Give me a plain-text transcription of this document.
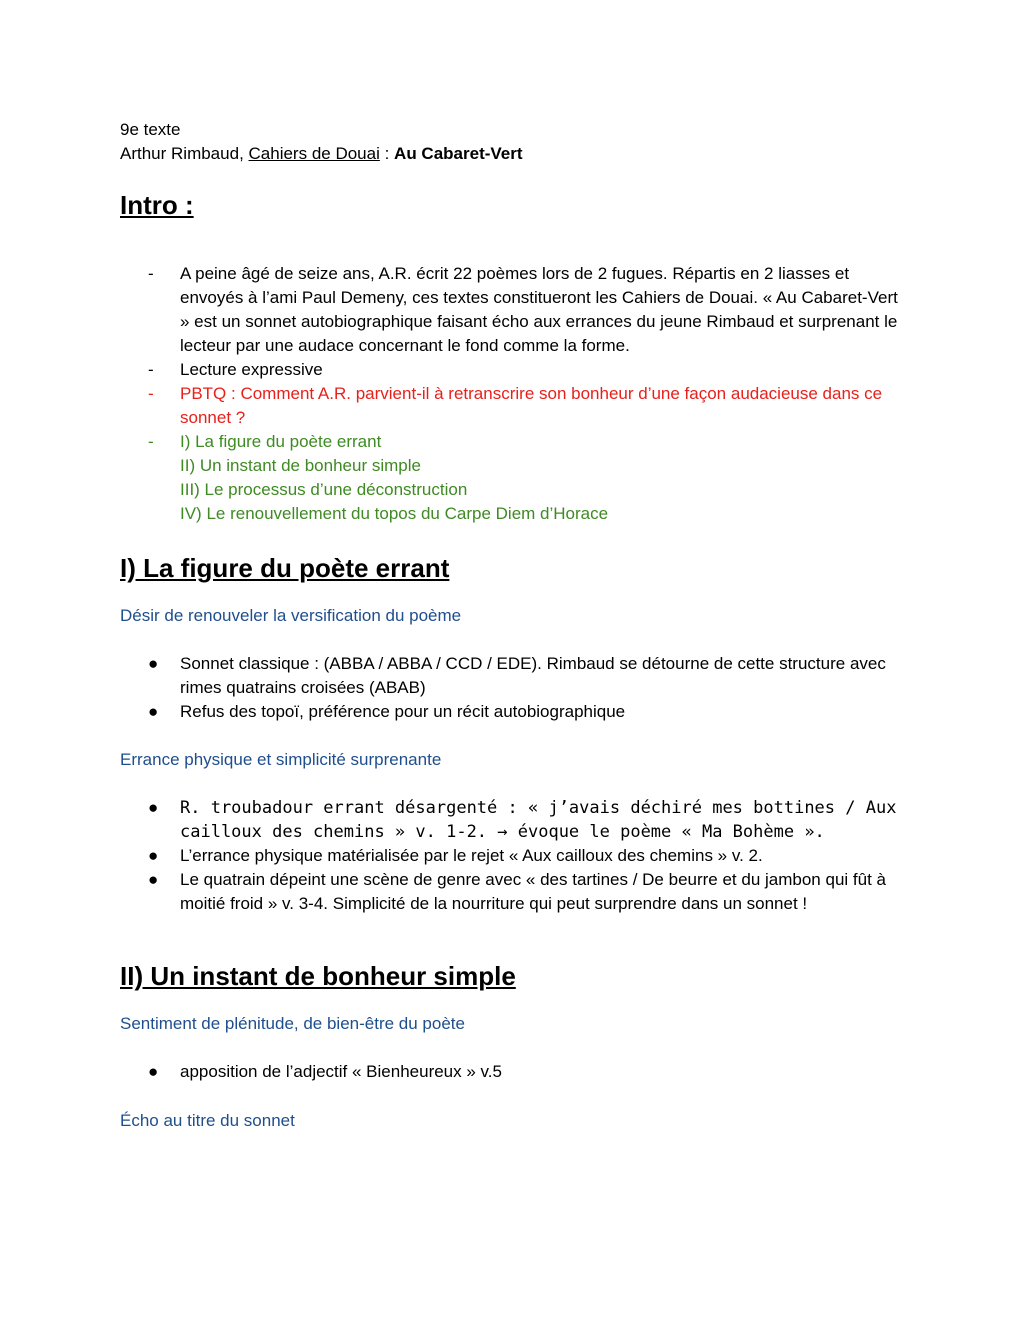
9e texte
Arthur Rimbaud, Cahiers de Douai : Au Cabaret-Vert
Intro :
-	A peine âgé de seize ans, A.R. écrit 22 poèmes lors de 2 fugues. Répartis en 2 liasses et envoyés à l’ami Paul Demeny, ces textes constitueront les Cahiers de Douai. « Au Cabaret-Vert » est un sonnet autobiographique faisant écho aux errances du jeune Rimbaud et surprenant le lecteur par une audace concernant le fond comme la forme.
-	Lecture expressive
-	PBTQ : Comment A.R. parvient-il à retranscrire son bonheur d’une façon audacieuse dans ce sonnet ?
-	I) La figure du poète errant
II) Un instant de bonheur simple
III) Le processus d’une déconstruction
IV) Le renouvellement du topos du Carpe Diem d’Horace
I) La figure du poète errant
Désir de renouveler la versification du poème
●	Sonnet classique : (ABBA / ABBA / CCD / EDE). Rimbaud se détourne de cette structure avec rimes quatrains croisées (ABAB)
●	Refus des topoï, préférence pour un récit autobiographique
Errance physique et simplicité surprenante
●	R. troubadour errant désargenté : « j’avais déchiré mes bottines / Aux cailloux des chemins » v. 1-2. → évoque le poème « Ma Bohème ».
●	L’errance physique matérialisée par le rejet « Aux cailloux des chemins » v. 2.
●	Le quatrain dépeint une scène de genre avec « des tartines / De beurre et du jambon qui fût à moitié froid » v. 3-4. Simplicité de la nourriture qui peut surprendre dans un sonnet !
II) Un instant de bonheur simple
Sentiment de plénitude, de bien-être du poète
●	apposition de l’adjectif « Bienheureux » v.5
Écho au titre du sonnet
